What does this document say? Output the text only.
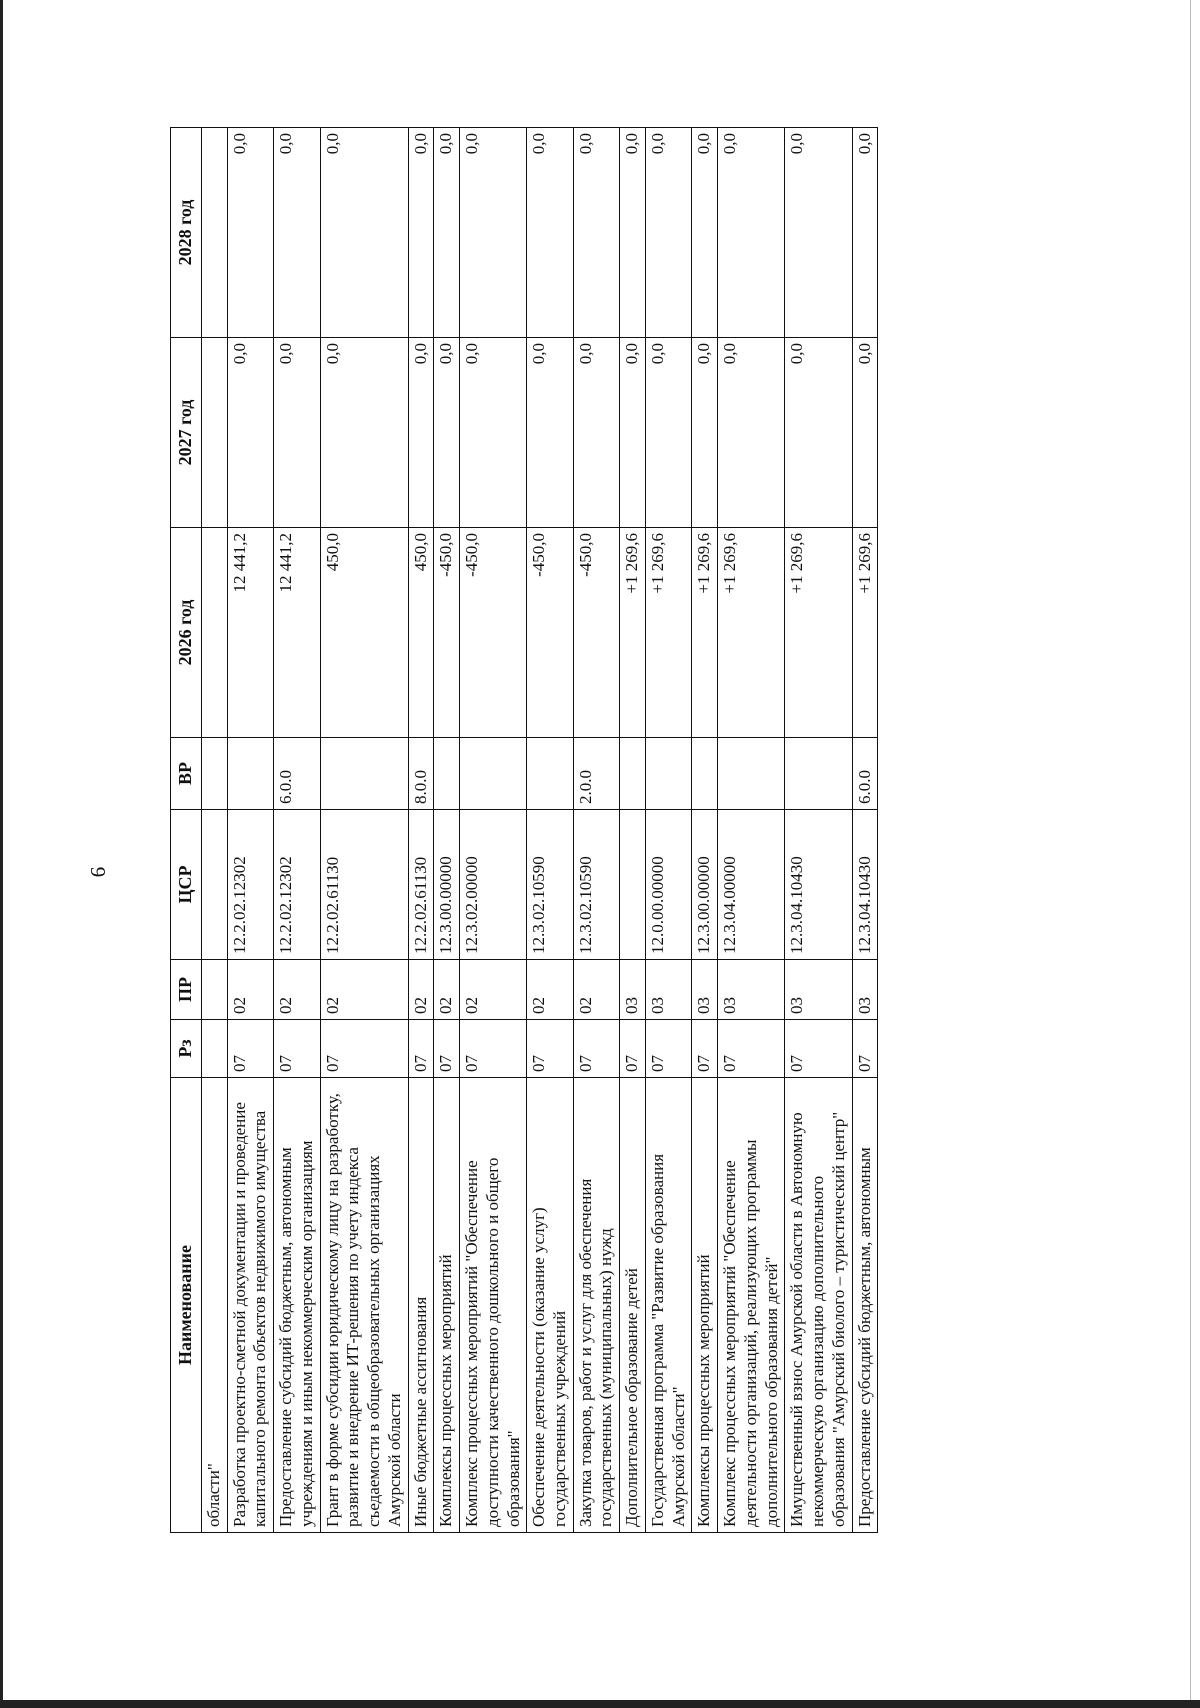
9
Наименование	Рз	ПР	ЦСР	ВР	2026 год	2027 год	2028 год
области"							
Разработка проектно-сметной документации и проведение капитального ремонта объектов недвижимого имущества	07	02	12.2.02.12302		12 441,2	0,0	0,0
Предоставление субсидий бюджетным, автономным учреждениям и иным некоммерческим организациям	07	02	12.2.02.12302	6.0.0	12 441,2	0,0	0,0
Грант в форме субсидии юридическому лицу на разработку, развитие и внедрение ИТ-решения по учету индекса съедаемости в общеобразовательных организациях Амурской области	07	02	12.2.02.61130		450,0	0,0	0,0
Иные бюджетные ассигнования	07	02	12.2.02.61130	8.0.0	450,0	0,0	0,0
Комплексы процессных мероприятий	07	02	12.3.00.00000		-450,0	0,0	0,0
Комплекс процессных мероприятий "Обеспечение доступности качественного дошкольного и общего образования"	07	02	12.3.02.00000		-450,0	0,0	0,0
Обеспечение деятельности (оказание услуг) государственных учреждений	07	02	12.3.02.10590		-450,0	0,0	0,0
Закупка товаров, работ и услуг для обеспечения государственных (муниципальных) нужд	07	02	12.3.02.10590	2.0.0	-450,0	0,0	0,0
Дополнительное образование детей	07	03			+1 269,6	0,0	0,0
Государственная программа "Развитие образования Амурской области"	07	03	12.0.00.00000		+1 269,6	0,0	0,0
Комплексы процессных мероприятий	07	03	12.3.00.00000		+1 269,6	0,0	0,0
Комплекс процессных мероприятий "Обеспечение деятельности организаций, реализующих программы дополнительного образования детей"	07	03	12.3.04.00000		+1 269,6	0,0	0,0
Имущественный взнос Амурской области в Автономную некоммерческую организацию дополнительного образования "Амурский биолого – туристический центр"	07	03	12.3.04.10430		+1 269,6	0,0	0,0
Предоставление субсидий бюджетным, автономным	07	03	12.3.04.10430	6.0.0	+1 269,6	0,0	0,0
